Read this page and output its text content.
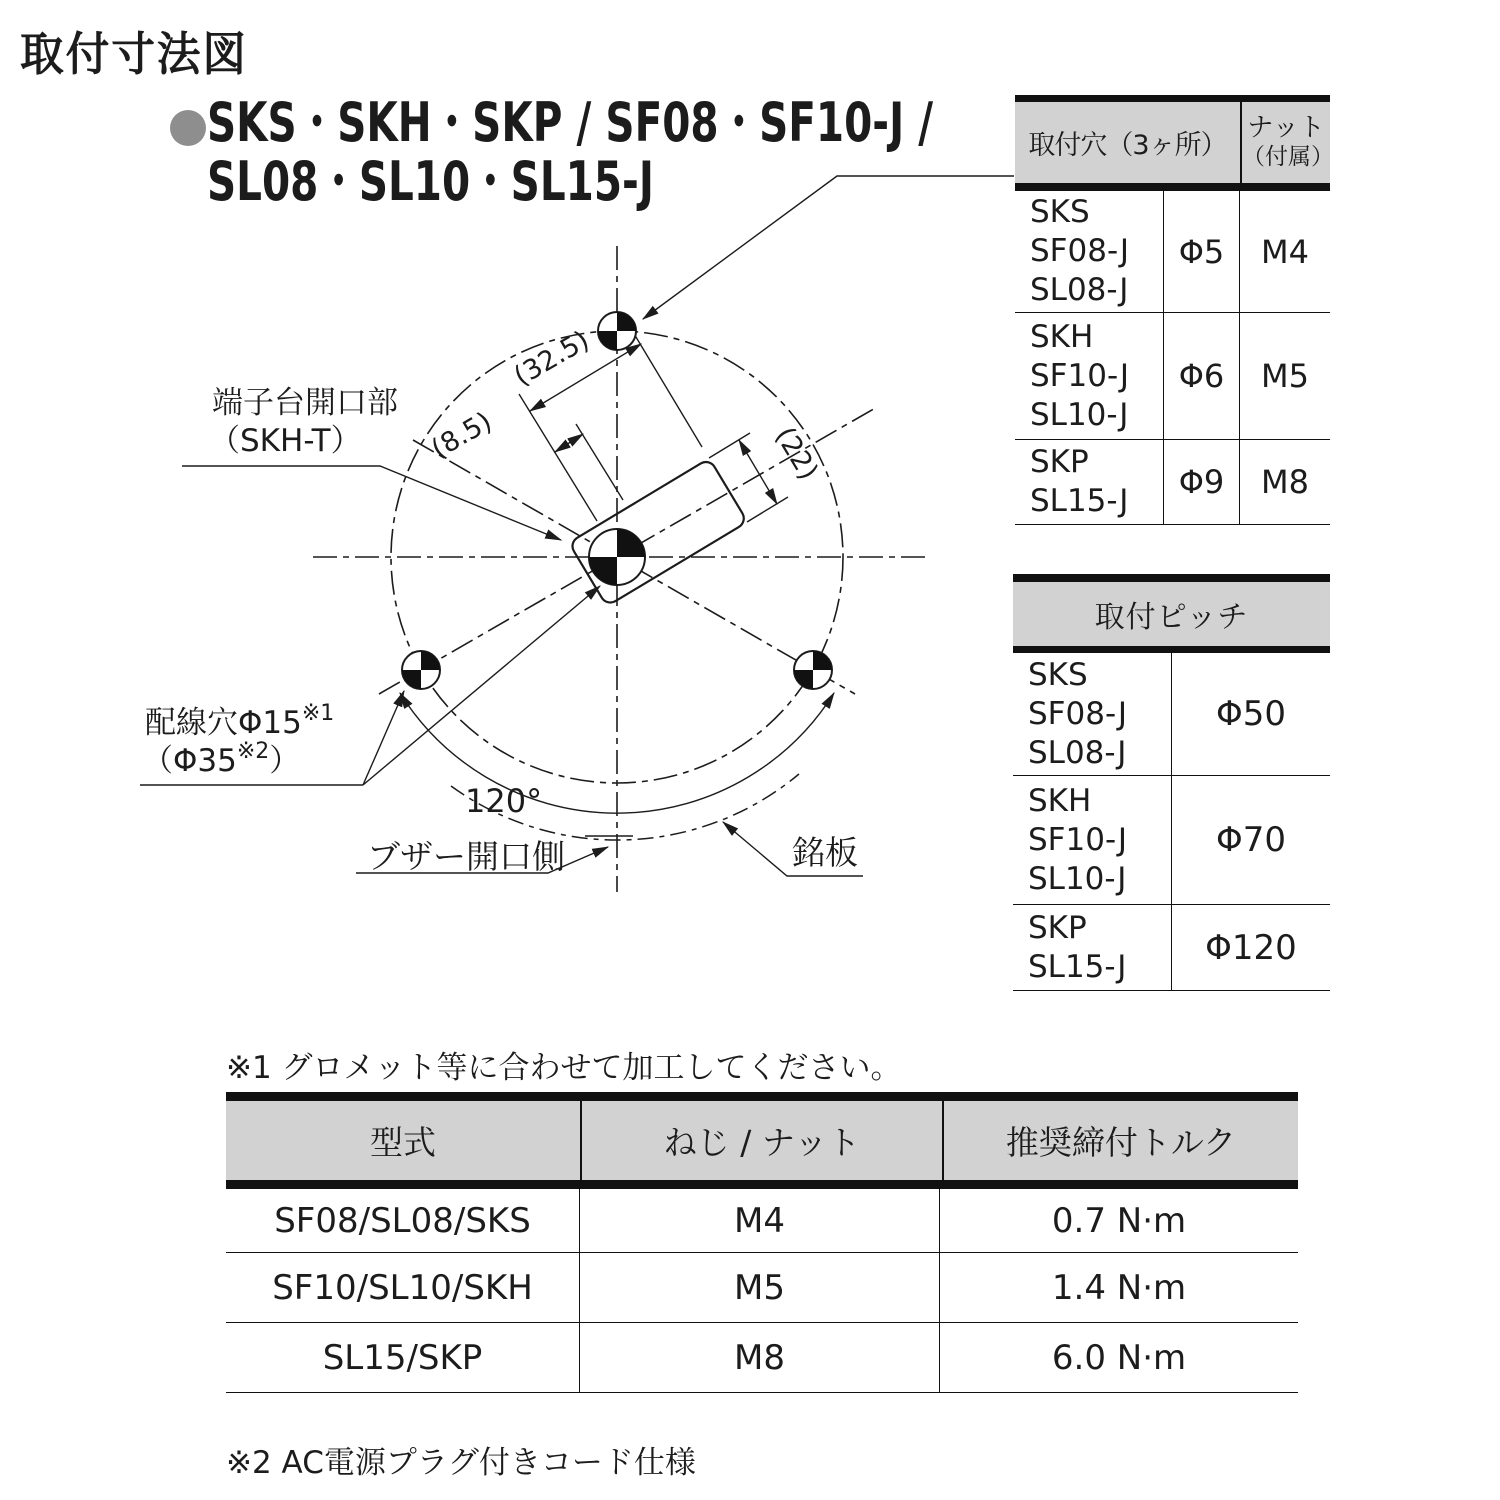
取付寸法図
SKS・SKH・SKP / SF08・SF10-J /
SL08・SL10・SL15-J
端子台開口部
（SKH-T）
配線穴Φ15$^{※1}$
（Φ35$^{※2}$）
ブザー開口側	銘板
120°
(32.5)
(8.5)	(22)
取付穴（3ヶ所）
ナット
（付属）
SKS
SF08-J
SL08-J
Φ5	M4
SKH
SF10-J
SL10-J
Φ6	M5
SKP
SL15-J	Φ9	M8
取付ピッチ
SKS
SF08-J
SL08-J
Φ50
SKH
SF10-J
SL10-J
Φ70
SKP
SL15-J	Φ120
※1 グロメット等に合わせて加工してください。
型式	ねじ / ナット	推奨締付トルク
SF08/SL08/SKS	M4	0.7 N·m
SF10/SL10/SKH	M5	1.4 N·m
SL15/SKP	M8	6.0 N·m
※2 AC電源プラグ付きコード仕様
